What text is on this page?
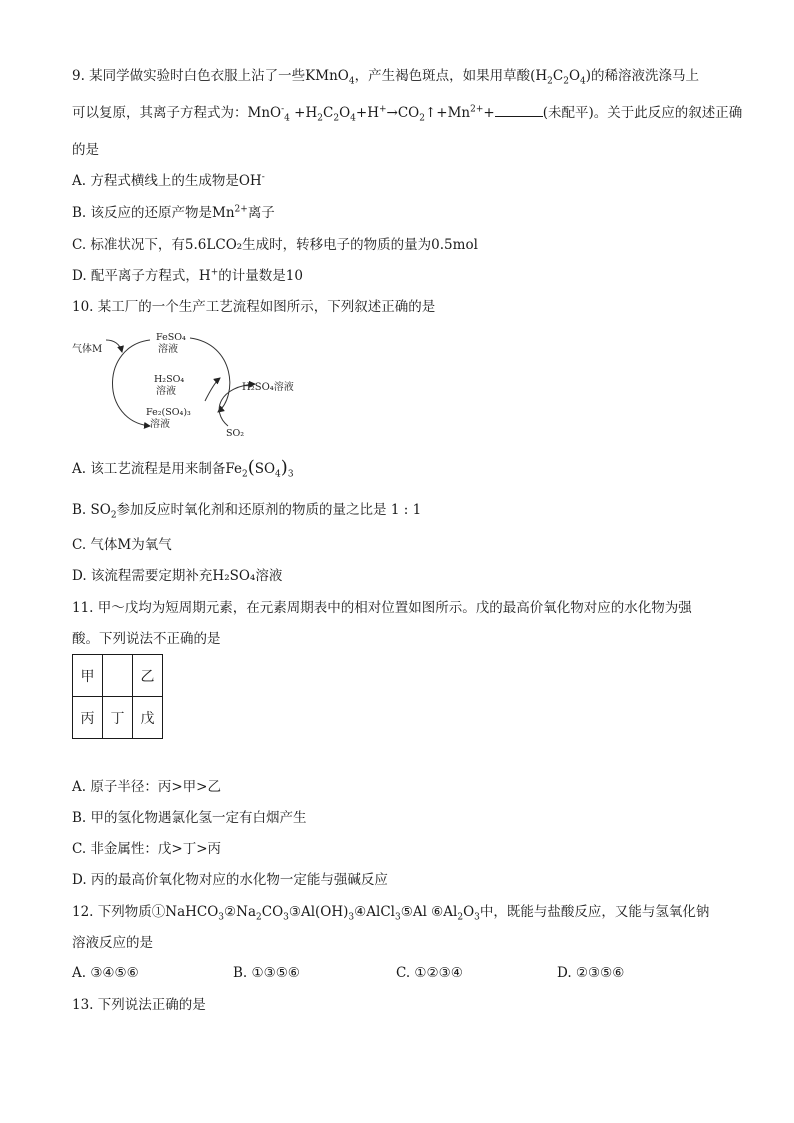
9. 某同学做实验时白色衣服上沾了一些KMnO$_4$，产生褐色斑点，如果用草酸$(H_2C_2O_4)$的稀溶液洗涤马上
可以复原，其离子方程式为：$MnO^-_4 +H_2C_2O_4+H^+\to CO_2↑+Mn^{2+}+$	(未配平)。关于此反应的叙述正确
的是
A. 方程式横线上的生成物是OH-
B. 该反应的还原产物是$Mn^{2+}$离子
C. 标准状况下，有5.6LCO₂生成时，转移电子的物质的量为0.5mol
D. 配平离子方程式，H+的计量数是10
10. 某工厂的一个生产工艺流程如图所示，下列叙述正确的是
气体M
FeSO₄
溶液
H₂SO₄
溶液
Fe₂(SO₄)₃
溶液
H₂SO₄溶液
SO₂
A. 该工艺流程是用来制备$Fe_2(SO_4)_3$
B. $SO_2$参加反应时氧化剂和还原剂的物质的量之比是 1 : 1
C. 气体M为氧气
D. 该流程需要定期补充H₂SO₄溶液
11. 甲～戊均为短周期元素，在元素周期表中的相对位置如图所示。戊的最高价氧化物对应的水化物为强
酸。下列说法不正确的是
甲		乙
丙	丁	戊
A. 原子半径：丙>甲>乙
B. 甲的氢化物遇氯化氢一定有白烟产生
C. 非金属性：戊>丁>丙
D. 丙的最高价氧化物对应的水化物一定能与强碱反应
12. 下列物质$①NaHCO_3②Na_2CO_3③Al(OH)_3④AlCl_3⑤Al$ $⑥Al_2O_3$中，既能与盐酸反应，又能与氢氧化钠
溶液反应的是
A. ③④⑤⑥	B. ①③⑤⑥	C. ①②③④	D. ②③⑤⑥
13. 下列说法正确的是
